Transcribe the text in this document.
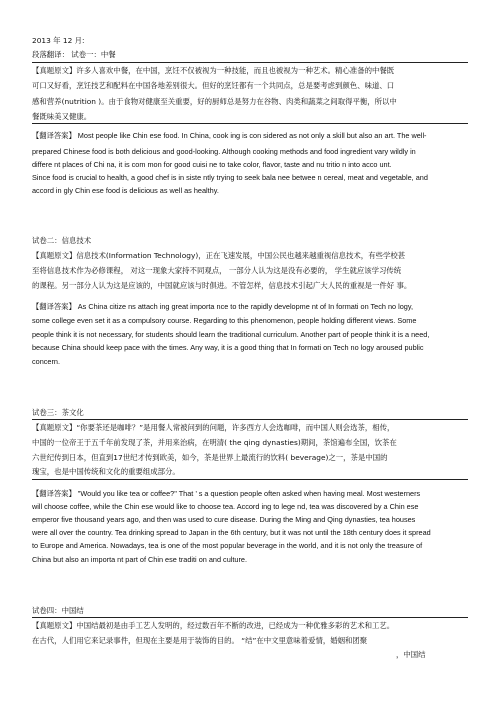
2013 年 12 月:
段落翻译： 试卷一：中餐
【真题原文】许多人喜欢中餐，在中国，烹饪不仅被视为一种技能，而且也被视为一种艺术。精心准备的中餐既
可口又好看，烹饪技艺和配料在中国各地差别很大。但好的烹饪都有一个共同点，总是要考虑到颜色、味道、口
感和营养(nutrition )。由于食物对健康至关重要，好的厨师总是努力在谷物、肉类和蔬菜之间取得平衡，所以中
餐既味美又健康。
【翻译答案】 Most people like Chin ese food. In China, cook ing is con sidered as not only a skill but also an art. The well-
prepared Chinese food is both delicious and good-looking. Although cooking methods and food ingredient vary wildly in
differe nt places of Chi na, it is com mon for good cuisi ne to take color, flavor, taste and nu tritio n into acco unt.
Since food is crucial to health, a good chef is in siste ntly trying to seek bala nee betwee n cereal, meat and vegetable, and
accord in gly Chin ese food is delicious as well as healthy.
试卷二：信息技术
【真题原文】信息技术(Information Technology)，正在飞速发展，中国公民也越来越重视信息技术，有些学校甚
至将信息技术作为必修课程， 对这一现象大家持不同观点， 一部分人认为这是没有必要的， 学生就应该学习传统
的课程。另一部分人认为这是应该的，中国就应该与时俱进。不管怎样，信息技术引起广大人民的重视是一件好 事。
【翻译答案】 As China citize ns attach ing great importa nce to the rapidly developme nt of In formati on Tech no logy,
some college even set it as a compulsory course. Regarding to this phenomenon, people holding different views. Some
people think it is not necessary, for students should learn the traditional curriculum. Another part of people think it is a need,
because China should keep pace with the times. Any way, it is a good thing that In formati on Tech no logy aroused public
concern.
试卷三：茶文化
【真题原文】“你要茶还是咖啡？”是用餐人常被问到的问题，许多西方人会选咖啡，而中国人则会选茶，相传，
中国的一位帝王于五千年前发现了茶，并用来治病，在明清( the qing dynasties)期间，茶馆遍布全国，饮茶在
六世纪传到日本，但直到17世纪才传到欧美，如今，茶是世界上最流行的饮料( beverage)之一，茶是中国的
瑰宝，也是中国传统和文化的重要组成部分。
【翻译答案】 "Would you like tea or coffee?" That ’ s a question people often asked when having meal. Most westerners
will choose coffee, while the Chin ese would like to choose tea. Accord ing to lege nd, tea was discovered by a Chin ese
emperor five thousand years ago, and then was used to cure disease. During the Ming and Qing dynasties, tea houses
were all over the country. Tea drinking spread to Japan in the 6th century, but it was not until the 18th century does it spread
to Europe and America. Nowadays, tea is one of the most popular beverage in the world, and it is not only the treasure of
China but also an importa nt part of Chin ese traditi on and culture.
试卷四：中国结
【真题原文】中国结最初是由手工艺人发明的，经过数百年不断的改进，已经成为一种优雅多彩的艺术和工艺。
在古代，人们用它来记录事件，但现在主要是用于装饰的目的。 “结”在中文里意味着爱情，婚姻和团聚
，中国结
